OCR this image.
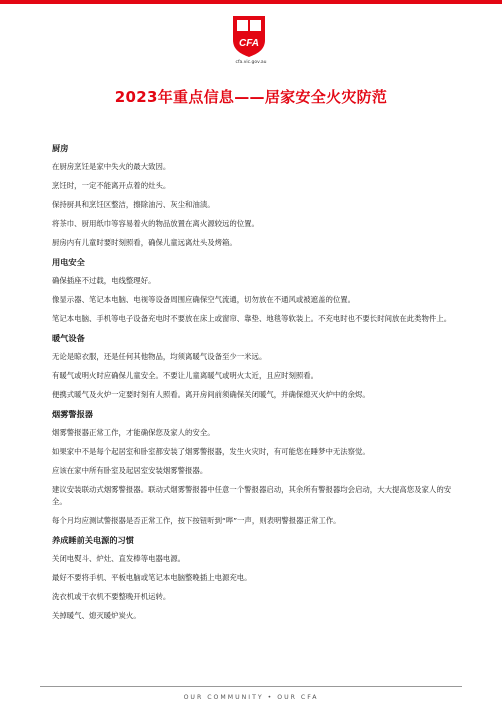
CFA
cfa.vic.gov.au
2023年重点信息——居家安全火灾防范
厨房
在厨房烹饪是家中失火的最大致因。
烹饪时，一定不能离开点着的灶头。
保持厨具和烹饪区整洁，擦除油污、灰尘和油渍。
将茶巾、厨用纸巾等容易着火的物品放置在离火源较远的位置。
厨房内有儿童时要时刻照看，确保儿童远离灶头及烤箱。
用电安全
确保插座不过载，电线整理好。
像显示器、笔记本电脑、电视等设备周围应确保空气流通，切勿放在不通风或被遮盖的位置。
笔记本电脑、手机等电子设备充电时不要放在床上或窗帘、靠垫、地毯等软装上。不充电时也不要长时间放在此类物件上。
暖气设备
无论是晾衣服，还是任何其他物品，均须离暖气设备至少一米远。
有暖气或明火时应确保儿童安全。不要让儿童离暖气或明火太近，且应时刻照看。
便携式暖气及火炉一定要时刻有人照看。离开房间前须确保关闭暖气，并确保熄灭火炉中的余烬。
烟雾警报器
烟雾警报器正常工作，才能确保您及家人的安全。
如果家中不是每个起居室和卧室都安装了烟雾警报器，发生火灾时，有可能您在睡梦中无法察觉。
应该在家中所有卧室及起居室安装烟雾警报器。
建议安装联动式烟雾警报器。联动式烟雾警报器中任意一个警报器启动，其余所有警报器均会启动，大大提高您及家人的安全。
每个月均应测试警报器是否正常工作，按下按钮听到“哔”一声，则表明警报器正常工作。
养成睡前关电源的习惯
关闭电熨斗、炉灶、直发棒等电器电源。
最好不要将手机、平板电脑或笔记本电脑整晚插上电源充电。
洗衣机或干衣机不要整晚开机运转。
关掉暖气、熄灭暖炉炭火。
OUR COMMUNITY • OUR CFA
